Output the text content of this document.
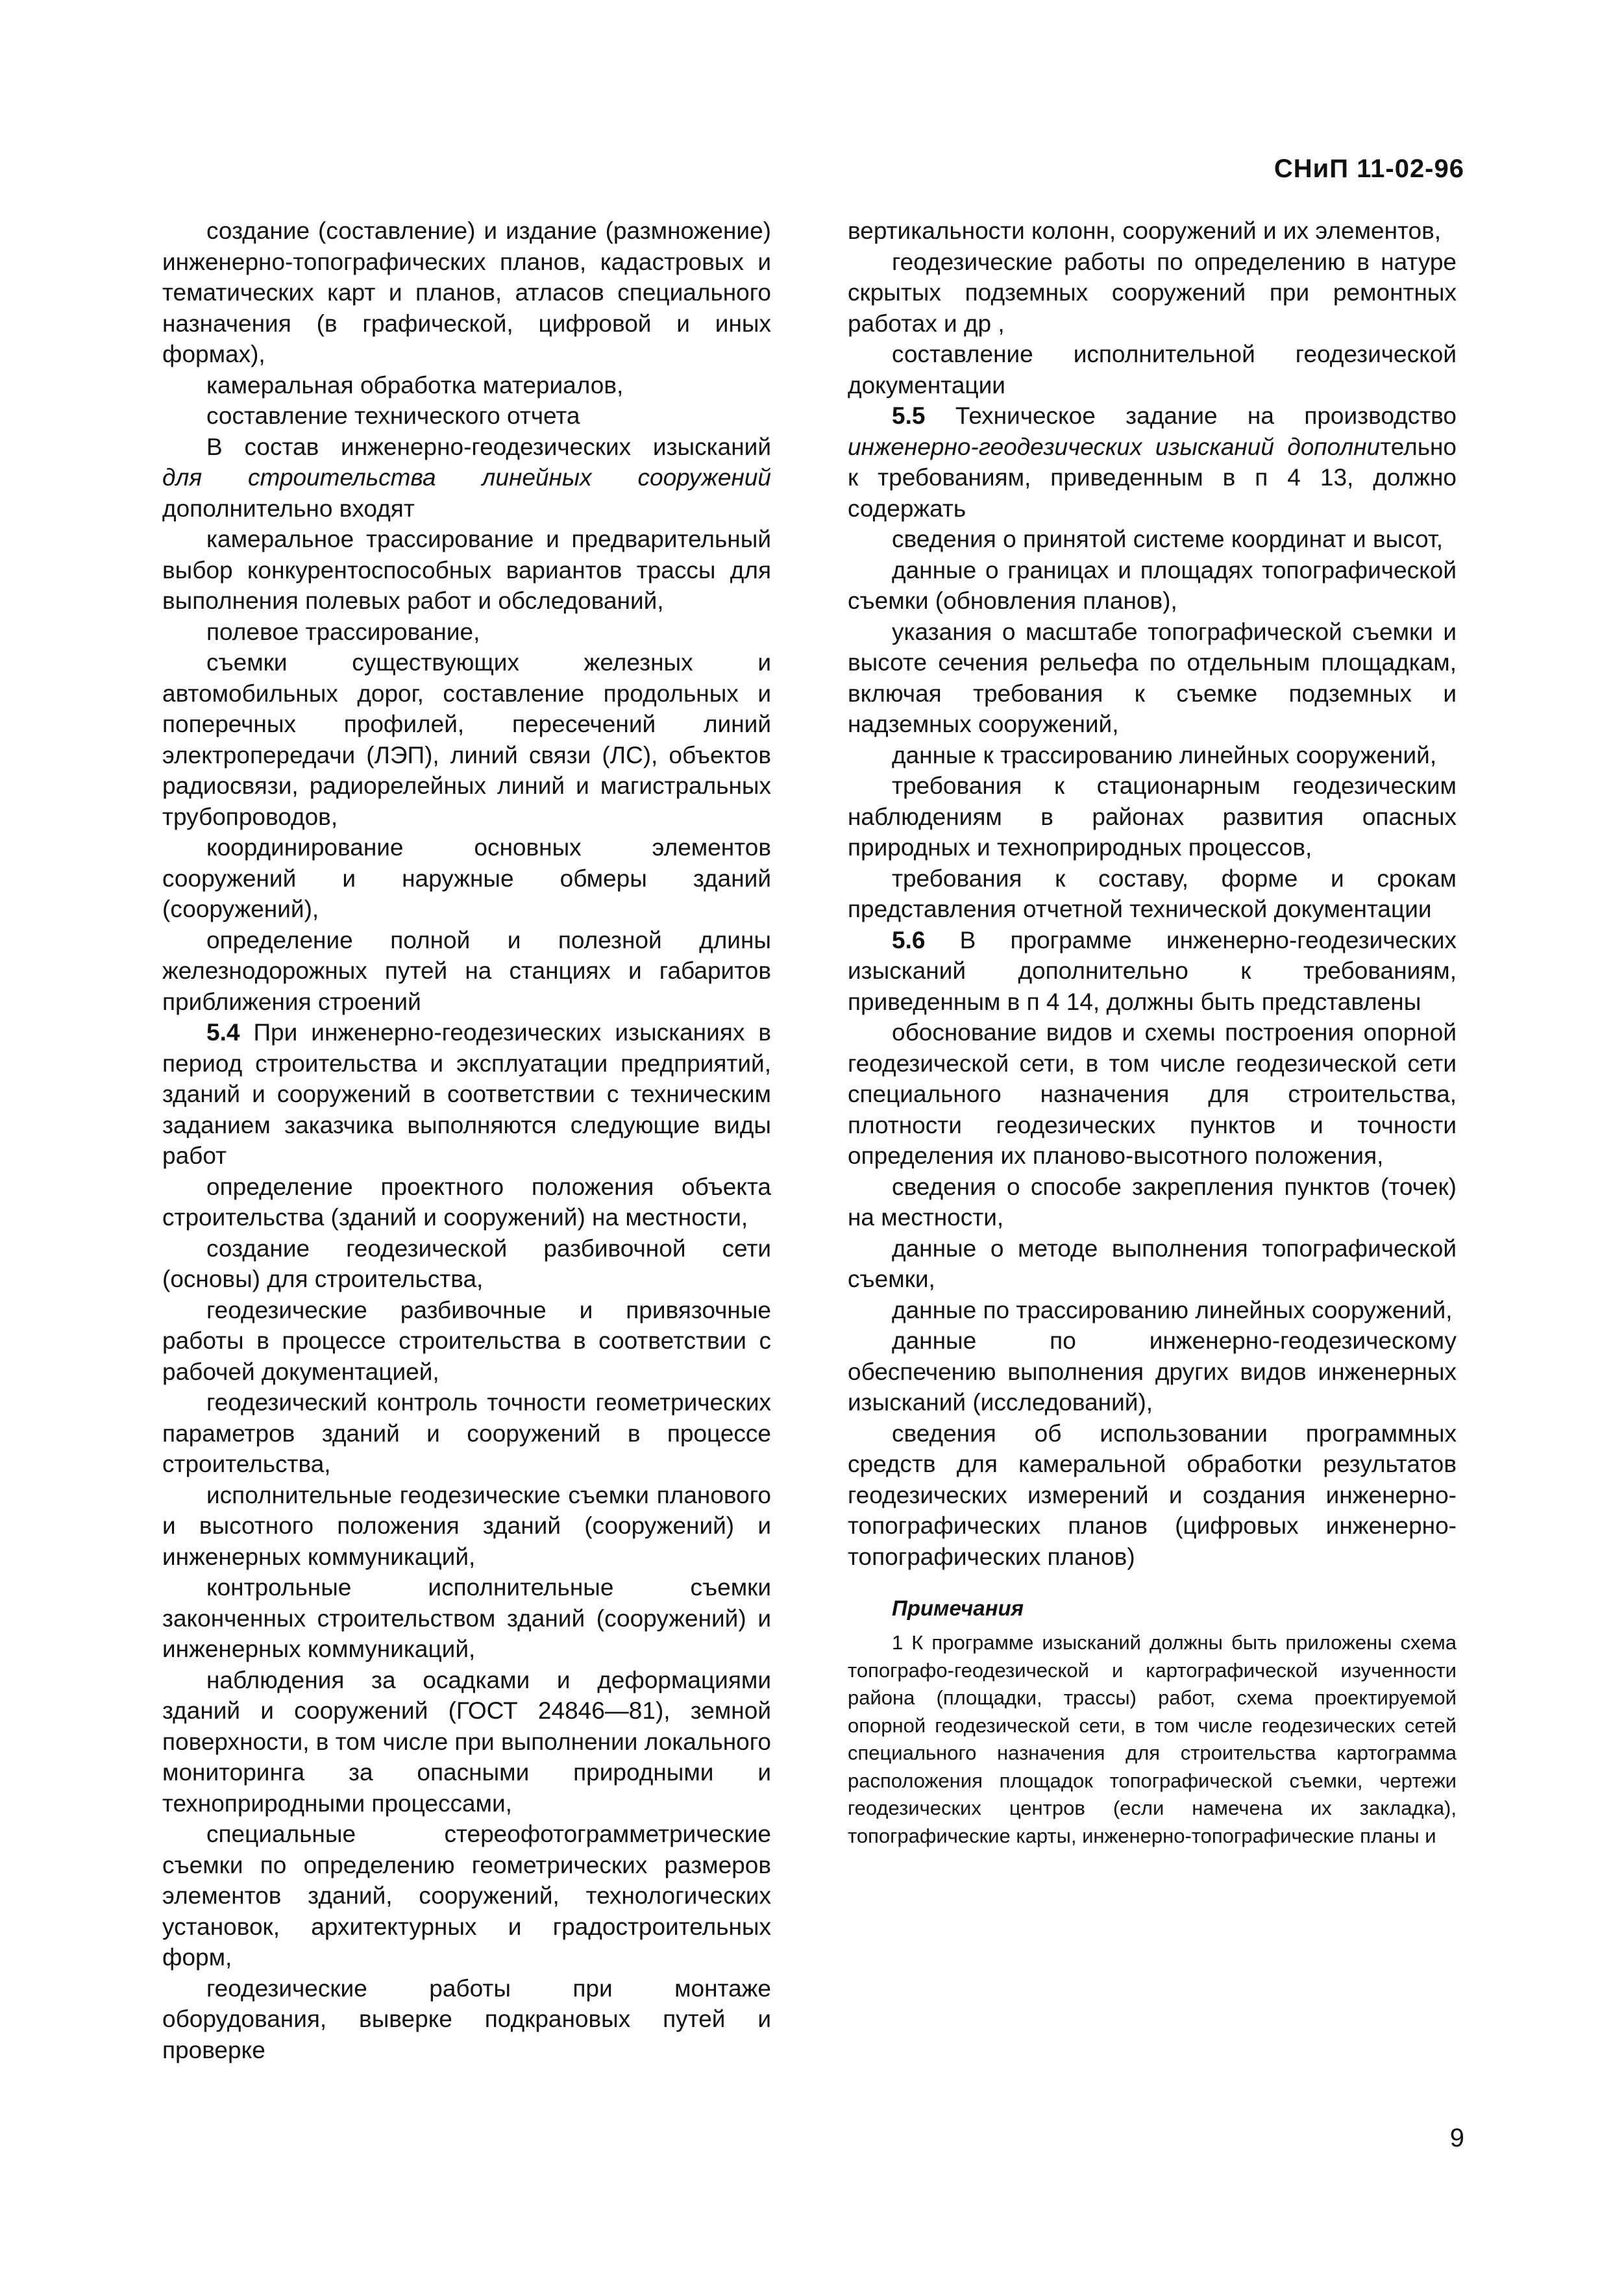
СНиП 11-02-96

создание (составление) и издание (размножение) инженерно-топографических планов, кадастровых и тематических карт и планов, атласов специального назначения (в графической, цифровой и иных формах),

камеральная обработка материалов,

составление технического отчета

В состав инженерно-геодезических изысканий для строительства линейных сооружений дополнительно входят

камеральное трассирование и предварительный выбор конкурентоспособных вариантов трассы для выполнения полевых работ и обследований,

полевое трассирование,

съемки существующих железных и автомобильных дорог, составление продольных и поперечных профилей, пересечений линий электропередачи (ЛЭП), линий связи (ЛС), объектов радиосвязи, радиорелейных линий и магистральных трубопроводов,

координирование основных элементов сооружений и наружные обмеры зданий (сооружений),

определение полной и полезной длины железнодорожных путей на станциях и габаритов приближения строений

5.4 При инженерно-геодезических изысканиях в период строительства и эксплуатации предприятий, зданий и сооружений в соответствии с техническим заданием заказчика выполняются следующие виды работ

определение проектного положения объекта строительства (зданий и сооружений) на местности,

создание геодезической разбивочной сети (основы) для строительства,

геодезические разбивочные и привязочные работы в процессе строительства в соответствии с рабочей документацией,

геодезический контроль точности геометрических параметров зданий и сооружений в процессе строительства,

исполнительные геодезические съемки планового и высотного положения зданий (сооружений) и инженерных коммуникаций,

контрольные исполнительные съемки законченных строительством зданий (сооружений) и инженерных коммуникаций,

наблюдения за осадками и деформациями зданий и сооружений (ГОСТ 24846—81), земной поверхности, в том числе при выполнении локального мониторинга за опасными природными и техноприродными процессами,

специальные стереофотограмметрические съемки по определению геометрических размеров элементов зданий, сооружений, технологических установок, архитектурных и градостроительных форм,

геодезические работы при монтаже оборудования, выверке подкрановых путей и проверке

вертикальности колонн, сооружений и их элементов,

геодезические работы по определению в натуре скрытых подземных сооружений при ремонтных работах и др ,

составление исполнительной геодезической документации

5.5 Техническое задание на производство инженерно-геодезических изысканий дополнительно к требованиям, приведенным в п 4 13, должно содержать

сведения о принятой системе координат и высот,

данные о границах и площадях топографической съемки (обновления планов),

указания о масштабе топографической съемки и высоте сечения рельефа по отдельным площадкам, включая требования к съемке подземных и надземных сооружений,

данные к трассированию линейных сооружений,

требования к стационарным геодезическим наблюдениям в районах развития опасных природных и техноприродных процессов,

требования к составу, форме и срокам представления отчетной технической документации

5.6 В программе инженерно-геодезических изысканий дополнительно к требованиям, приведенным в п 4 14, должны быть представлены

обоснование видов и схемы построения опорной геодезической сети, в том числе геодезической сети специального назначения для строительства, плотности геодезических пунктов и точности определения их планово-высотного положения,

сведения о способе закрепления пунктов (точек) на местности,

данные о методе выполнения топографической съемки,

данные по трассированию линейных сооружений,

данные по инженерно-геодезическому обеспечению выполнения других видов инженерных изысканий (исследований),

сведения об использовании программных средств для камеральной обработки результатов геодезических измерений и создания инженерно-топографических планов (цифровых инженерно-топографических планов)

Примечания

1 К программе изысканий должны быть приложены схема топографо-геодезической и картографической изученности района (площадки, трассы) работ, схема проектируемой опорной геодезической сети, в том числе геодезических сетей специального назначения для строительства картограмма расположения площадок топографической съемки, чертежи геодезических центров (если намечена их закладка), топографические карты, инженерно-топографические планы и

9
